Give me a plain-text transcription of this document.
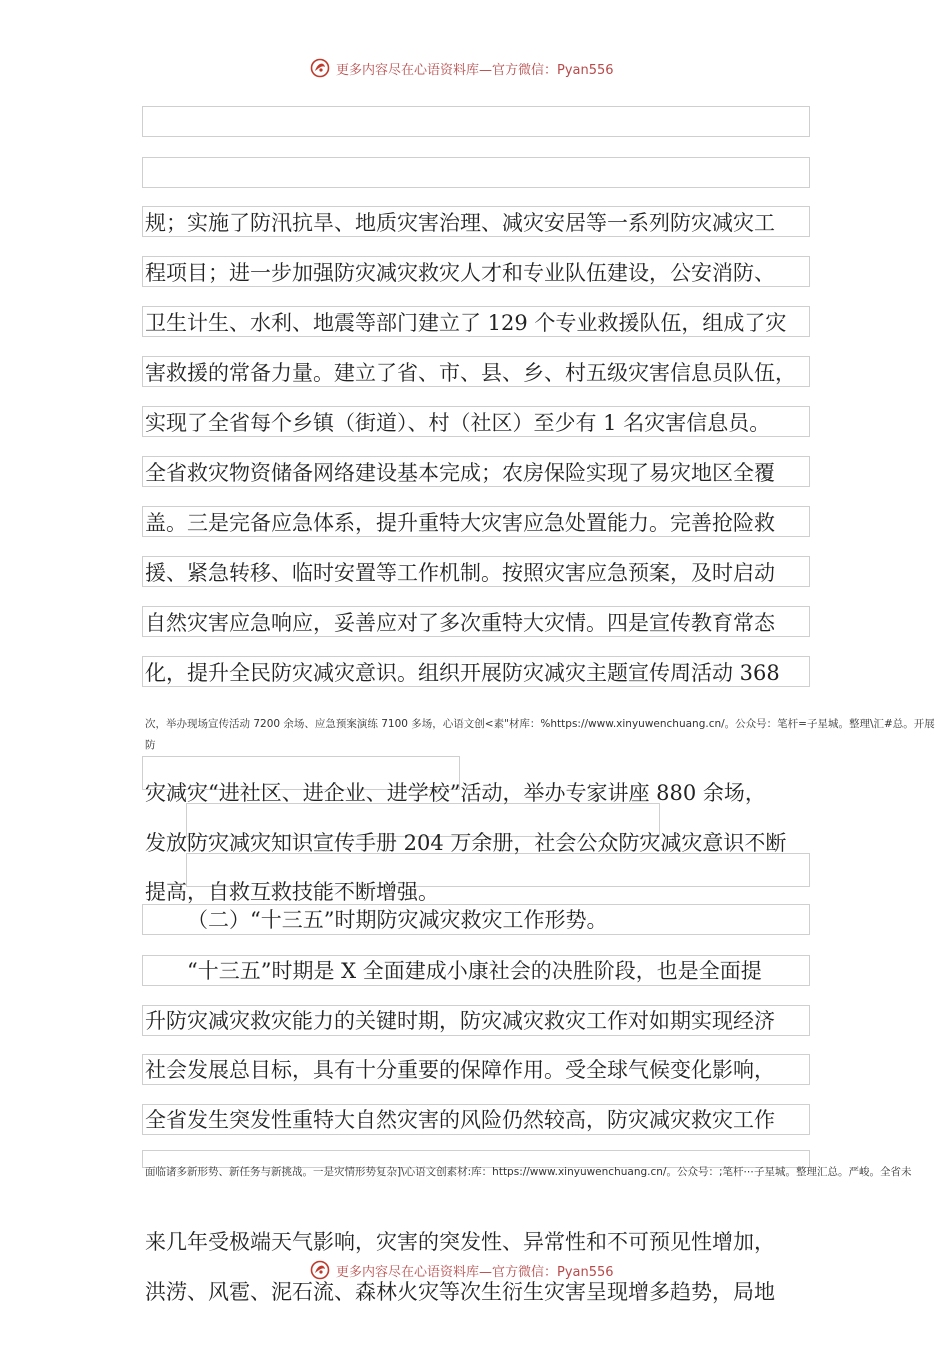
更多内容尽在心语资料库—官方微信：Pyan556
规；实施了防汛抗旱、地质灾害治理、减灾安居等一系列防灾减灾工
程项目；进一步加强防灾减灾救灾人才和专业队伍建设，公安消防、
卫生计生、水利、地震等部门建立了 129 个专业救援队伍，组成了灾
害救援的常备力量。建立了省、市、县、乡、村五级灾害信息员队伍，
实现了全省每个乡镇（街道）、村（社区）至少有 1 名灾害信息员。
全省救灾物资储备网络建设基本完成；农房保险实现了易灾地区全覆
盖。三是完备应急体系，提升重特大灾害应急处置能力。完善抢险救
援、紧急转移、临时安置等工作机制。按照灾害应急预案，及时启动
自然灾害应急响应，妥善应对了多次重特大灾情。四是宣传教育常态
化，提升全民防灾减灾意识。组织开展防灾减灾主题宣传周活动 368
次，举办现场宣传活动 7200 余场、应急预案演练 7100 多场，心语文创<素"材库：%https://www.xinyuwenchuang.cn/。公众号：笔杆=子星城。整理\汇#总。开展防
灾减灾“进社区、进企业、进学校”活动，举办专家讲座 880 余场，
发放防灾减灾知识宣传手册 204 万余册，社会公众防灾减灾意识不断
提高，自救互救技能不断增强。
（二）“十三五”时期防灾减灾救灾工作形势。
“十三五”时期是 X 全面建成小康社会的决胜阶段，也是全面提
升防灾减灾救灾能力的关键时期，防灾减灾救灾工作对如期实现经济
社会发展总目标，具有十分重要的保障作用。受全球气候变化影响，
全省发生突发性重特大自然灾害的风险仍然较高，防灾减灾救灾工作
面临诸多新形势、新任务与新挑战。一是灾情形势复杂]\心语文创素材:库：https://www.xinyuwenchuang.cn/。公众号：;笔杆⋯子星城。整理汇总。严峻。全省未
来几年受极端天气影响，灾害的突发性、异常性和不可预见性增加，
更多内容尽在心语资料库—官方微信：Pyan556
洪涝、风雹、泥石流、森林火灾等次生衍生灾害呈现增多趋势，局地
